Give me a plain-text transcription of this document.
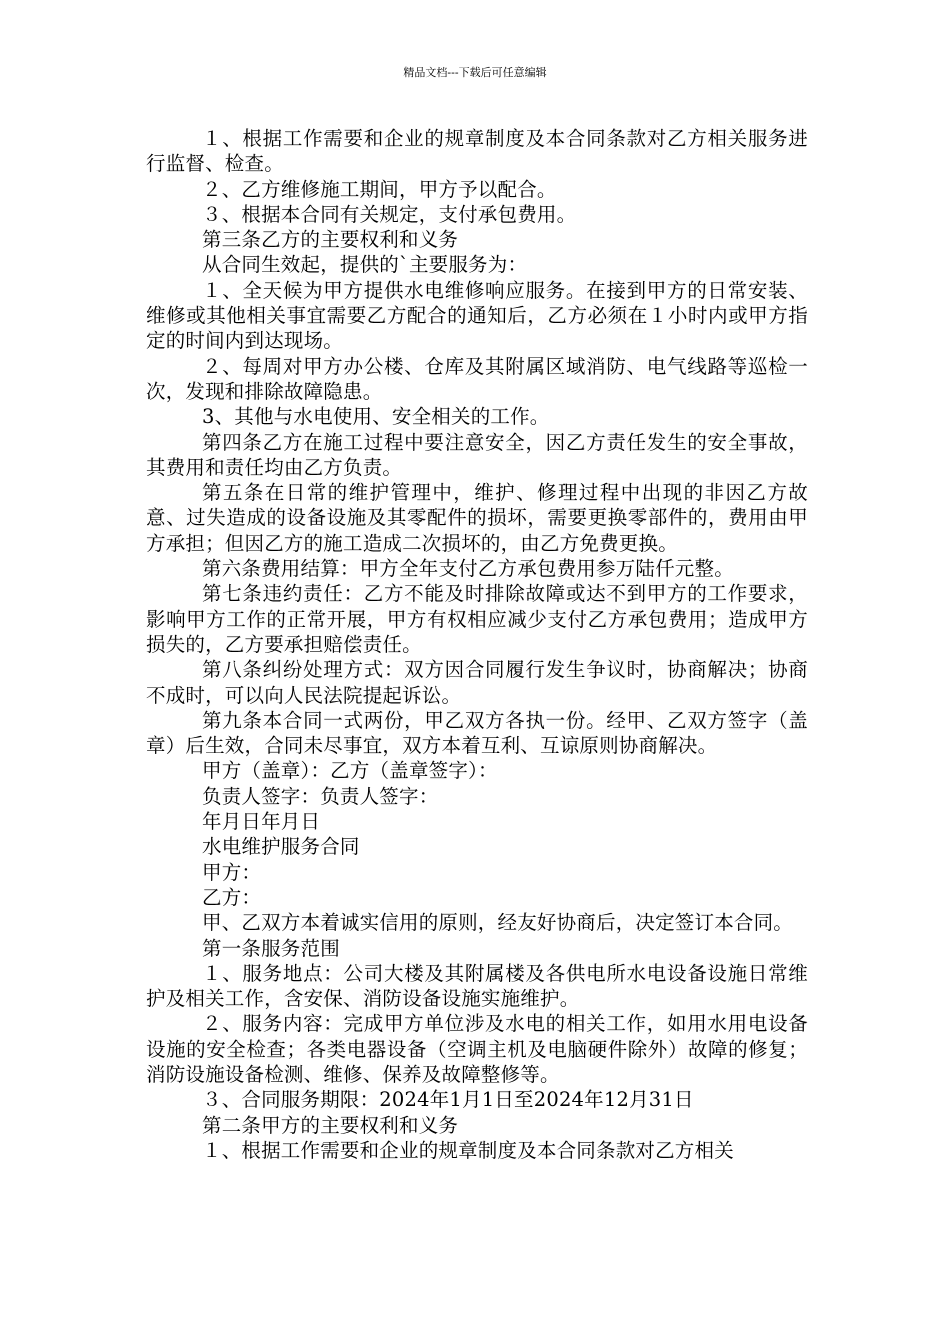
精品文档---下载后可任意编辑

１、根据工作需要和企业的规章制度及本合同条款对乙方相关服务进行监督、检查。

２、乙方维修施工期间，甲方予以配合。

３、根据本合同有关规定，支付承包费用。

第三条乙方的主要权利和义务

从合同生效起，提供的`主要服务为：

１、全天候为甲方提供水电维修响应服务。在接到甲方的日常安装、维修或其他相关事宜需要乙方配合的通知后，乙方必须在１小时内或甲方指定的时间内到达现场。

２、每周对甲方办公楼、仓库及其附属区域消防、电气线路等巡检一次，发现和排除故障隐患。

3、其他与水电使用、安全相关的工作。

第四条乙方在施工过程中要注意安全，因乙方责任发生的安全事故，其费用和责任均由乙方负责。

第五条在日常的维护管理中，维护、修理过程中出现的非因乙方故意、过失造成的设备设施及其零配件的损坏，需要更换零部件的，费用由甲方承担；但因乙方的施工造成二次损坏的，由乙方免费更换。

第六条费用结算：甲方全年支付乙方承包费用参万陆仟元整。

第七条违约责任：乙方不能及时排除故障或达不到甲方的工作要求，影响甲方工作的正常开展，甲方有权相应减少支付乙方承包费用；造成甲方损失的，乙方要承担赔偿责任。

第八条纠纷处理方式：双方因合同履行发生争议时，协商解决；协商不成时，可以向人民法院提起诉讼。

第九条本合同一式两份，甲乙双方各执一份。经甲、乙双方签字（盖章）后生效，合同未尽事宜，双方本着互利、互谅原则协商解决。

甲方（盖章）：乙方（盖章签字）：

负责人签字：负责人签字：

年月日年月日

水电维护服务合同

甲方：

乙方：

甲、乙双方本着诚实信用的原则，经友好协商后，决定签订本合同。

第一条服务范围

１、服务地点：公司大楼及其附属楼及各供电所水电设备设施日常维护及相关工作，含安保、消防设备设施实施维护。

２、服务内容：完成甲方单位涉及水电的相关工作，如用水用电设备设施的安全检查；各类电器设备（空调主机及电脑硬件除外）故障的修复；消防设施设备检测、维修、保养及故障整修等。

３、合同服务期限：2024年1月1日至2024年12月31日

第二条甲方的主要权利和义务

１、根据工作需要和企业的规章制度及本合同条款对乙方相关
